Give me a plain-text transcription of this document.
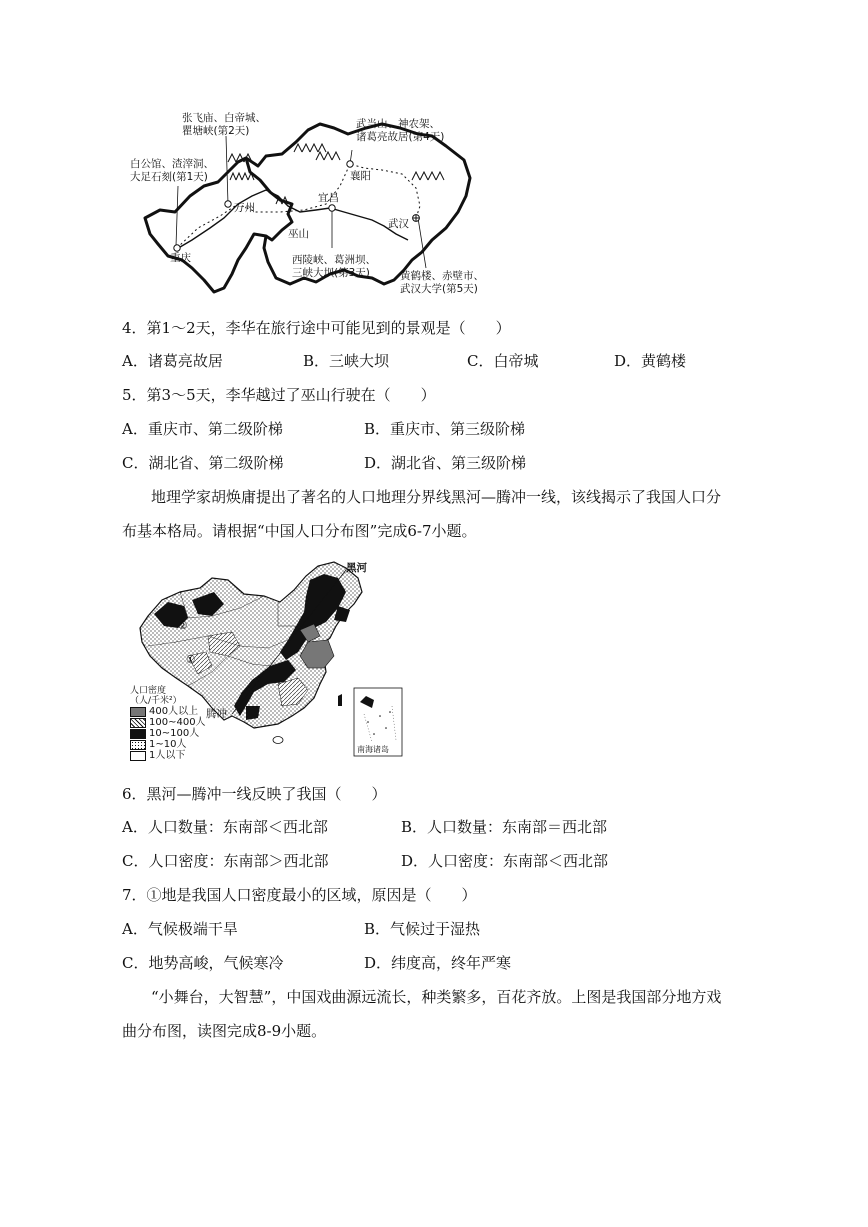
张飞庙、白帝城、
瞿塘峡(第2天)
白公馆、渣滓洞、
大足石刻(第1天)
武当山、神农架、
诸葛亮故居(第4天)
西陵峡、葛洲坝、
三峡大坝(第3天)	黄鹤楼、赤壁市、
武汉大学(第5天)
重庆
万州
巫山
宜昌
襄阳
武汉
4．第1～2天，李华在旅行途中可能见到的景观是（　　）
A．诸葛亮故居	B．三峡大坝	C．白帝城	D．黄鹤楼
5．第3～5天，李华越过了巫山行驶在（　　）
A．重庆市、第二级阶梯	B．重庆市、第三级阶梯
C．湖北省、第二级阶梯	D．湖北省、第三级阶梯
地理学家胡焕庸提出了著名的人口地理分界线黑河—腾冲一线，该线揭示了我国人口分
布基本格局。请根据“中国人口分布图”完成6-7小题。
黑河
腾冲
②
①
南海诸岛
人口密度
（人/千米²）
400人以上
100~400人
10~100人
1~10人
1人以下
6．黑河—腾冲一线反映了我国（　　）
A．人口数量：东南部＜西北部	B．人口数量：东南部＝西北部
C．人口密度：东南部＞西北部	D．人口密度：东南部＜西北部
7．①地是我国人口密度最小的区域，原因是（　　）
A．气候极端干旱	B．气候过于湿热
C．地势高峻，气候寒冷	D．纬度高，终年严寒
“小舞台，大智慧”，中国戏曲源远流长，种类繁多，百花齐放。上图是我国部分地方戏
曲分布图，读图完成8-9小题。
